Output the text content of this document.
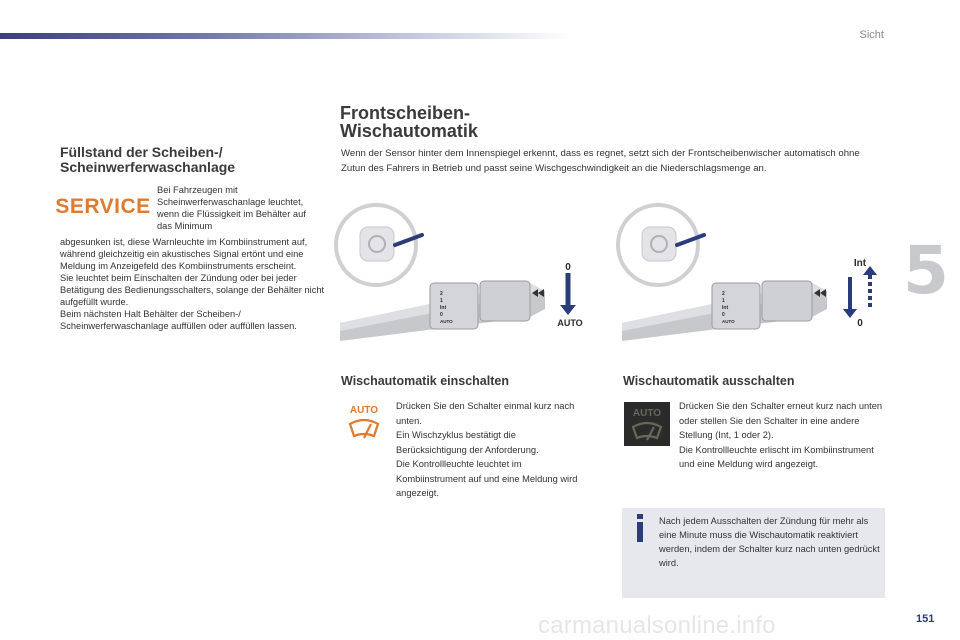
Sicht
5
carmanualsonline.info	151
Füllstand der Scheiben-/ Scheinwerferwaschanlage
SERVICE
Bei Fahrzeugen mit Scheinwerferwaschanlage leuchtet, wenn die Flüssigkeit im Behälter auf das Minimum

abgesunken ist, diese Warnleuchte im Kombiinstrument auf, während gleichzeitig ein akustisches Signal ertönt und eine Meldung im Anzeigefeld des Kombiinstruments erscheint.

Sie leuchtet beim Einschalten der Zündung oder bei jeder Betätigung des Bedienungsschalters, solange der Behälter nicht aufgefüllt wurde.

Beim nächsten Halt Behälter der Scheiben-/ Scheinwerferwaschanlage auffüllen oder auffüllen lassen.

Frontscheiben-
Wischautomatik
Wenn der Sensor hinter dem Innenspiegel erkennt, dass es regnet, setzt sich der Frontscheibenwischer automatisch ohne Zutun des Fahrers in Betrieb und passt seine Wischgeschwindigkeit an die Niederschlagsmenge an.
2
1
Int
0
AUTO
0
AUTO
2
1
Int
0
AUTO
Int
0
Wischautomatik einschalten
AUTO Drücken Sie den Schalter einmal kurz nach unten.

Ein Wischzyklus bestätigt die Berücksichtigung der Anforderung.

Die Kontrollleuchte leuchtet im Kombiinstrument auf und eine Meldung wird angezeigt.

Wischautomatik ausschalten
AUTO

Drücken Sie den Schalter erneut kurz nach unten oder stellen Sie den Schalter in eine andere Stellung (Int, 1 oder 2).

Die Kontrollleuchte erlischt im Kombiinstrument und eine Meldung wird angezeigt.

Nach jedem Ausschalten der Zündung für mehr als eine Minute muss die Wischautomatik reaktiviert werden, indem der Schalter kurz nach unten gedrückt wird.
